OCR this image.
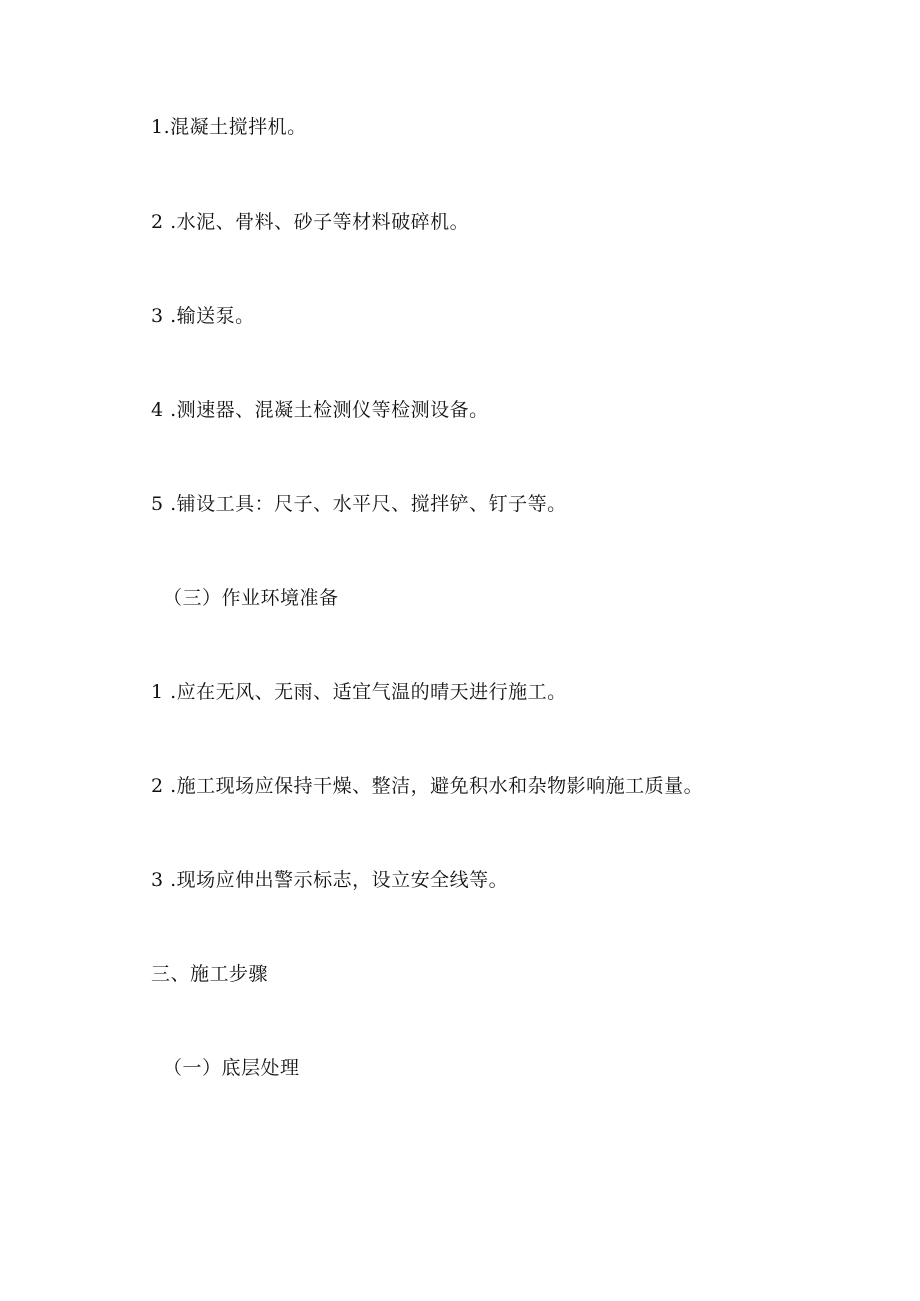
1.混凝土搅拌机。
2 .水泥、骨料、砂子等材料破碎机。
3 .输送泵。
4 .测速器、混凝土检测仪等检测设备。
5 .铺设工具：尺子、水平尺、搅拌铲、钉子等。
（三）作业环境准备
1 .应在无风、无雨、适宜气温的晴天进行施工。
2 .施工现场应保持干燥、整洁，避免积水和杂物影响施工质量。
3 .现场应伸出警示标志，设立安全线等。
三、施工步骤
（一）底层处理
